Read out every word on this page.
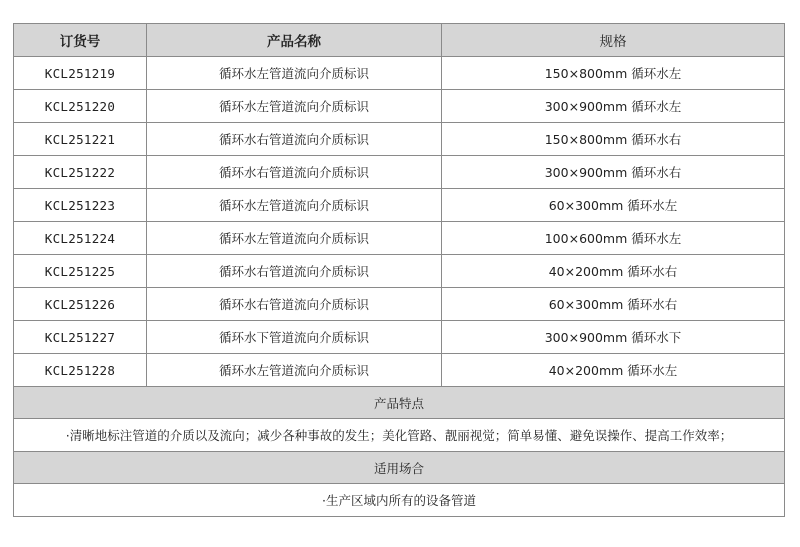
订货号	产品名称	规格
KCL251219	循环水左管道流向介质标识	150×800mm 循环水左
KCL251220	循环水左管道流向介质标识	300×900mm 循环水左
KCL251221	循环水右管道流向介质标识	150×800mm 循环水右
KCL251222	循环水右管道流向介质标识	300×900mm 循环水右
KCL251223	循环水左管道流向介质标识	60×300mm 循环水左
KCL251224	循环水左管道流向介质标识	100×600mm 循环水左
KCL251225	循环水右管道流向介质标识	40×200mm 循环水右
KCL251226	循环水右管道流向介质标识	60×300mm 循环水右
KCL251227	循环水下管道流向介质标识	300×900mm 循环水下
KCL251228	循环水左管道流向介质标识	40×200mm 循环水左
产品特点		
·清晰地标注管道的介质以及流向；减少各种事故的发生；美化管路、靓丽视觉；简单易懂、避免误操作、提高工作效率；		
适用场合		
·生产区域内所有的设备管道		
